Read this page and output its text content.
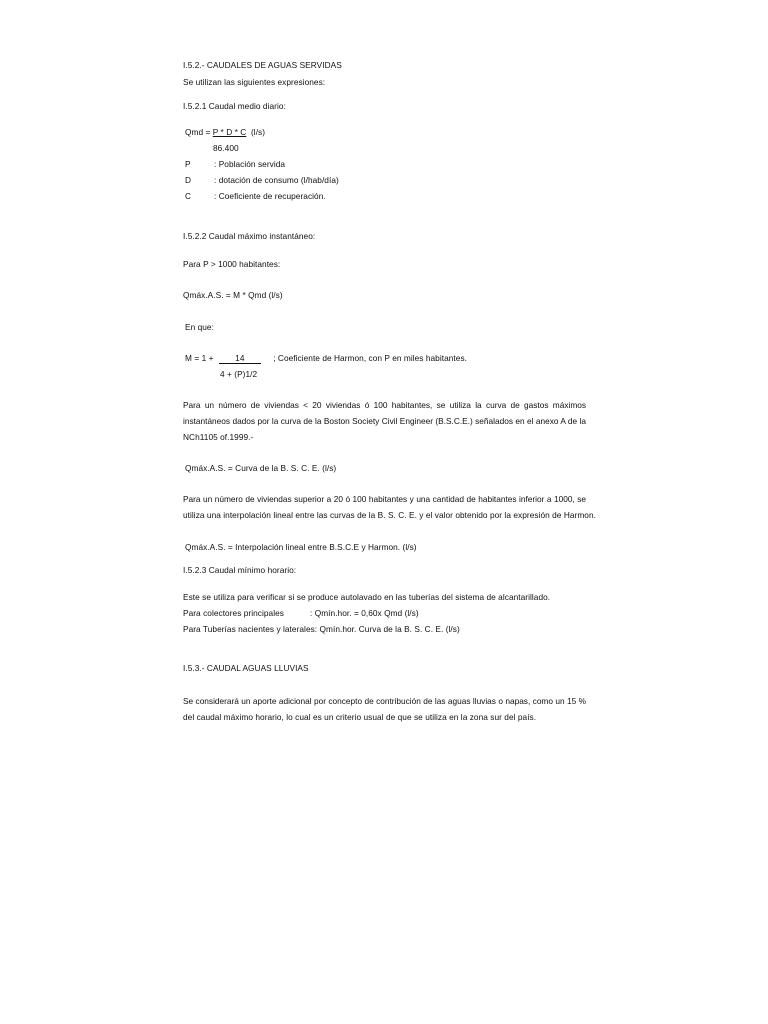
I.5.2.- CAUDALES DE AGUAS SERVIDAS
Se utilizan las siguientes expresiones:
I.5.2.1 Caudal medio diario:
Qmd = P * D * C (l/s)
86.400
P	: Población servida
D	: dotación de consumo (l/hab/día)
C	: Coeficiente de recuperación.
I.5.2.2 Caudal máximo instantáneo:
Para P > 1000 habitantes:
Qmáx.A.S. = M * Qmd (l/s)
En que:
M = 1 +	14	; Coeficiente de Harmon, con P en miles habitantes.
4 + (P)1/2
Para un número de viviendas < 20 viviendas ó 100 habitantes, se utiliza la curva de gastos máximos
instantáneos dados por la curva de la Boston Society Civil Engineer (B.S.C.E.) señalados en el anexo A de la
NCh1105 of.1999.-
Qmáx.A.S. = Curva de la B. S. C. E. (l/s)
Para un número de viviendas superior a 20 ó 100 habitantes y una cantidad de habitantes inferior a 1000, se
utiliza una interpolación lineal entre las curvas de la B. S. C. E. y el valor obtenido por la expresión de Harmon.
Qmáx.A.S. = Interpolación lineal entre B.S.C.E y Harmon. (l/s)
I.5.2.3 Caudal mínimo horario:
Este se utiliza para verificar si se produce autolavado en las tuberías del sistema de alcantarillado.
Para colectores principales	: Qmín.hor. = 0,60x Qmd (l/s)
Para Tuberías nacientes y laterales: Qmín.hor. Curva de la B. S. C. E. (l/s)
I.5.3.- CAUDAL AGUAS LLUVIAS
Se considerará un aporte adicional por concepto de contribución de las aguas lluvias o napas, como un 15 %
del caudal máximo horario, lo cual es un criterio usual de que se utiliza en la zona sur del país.
